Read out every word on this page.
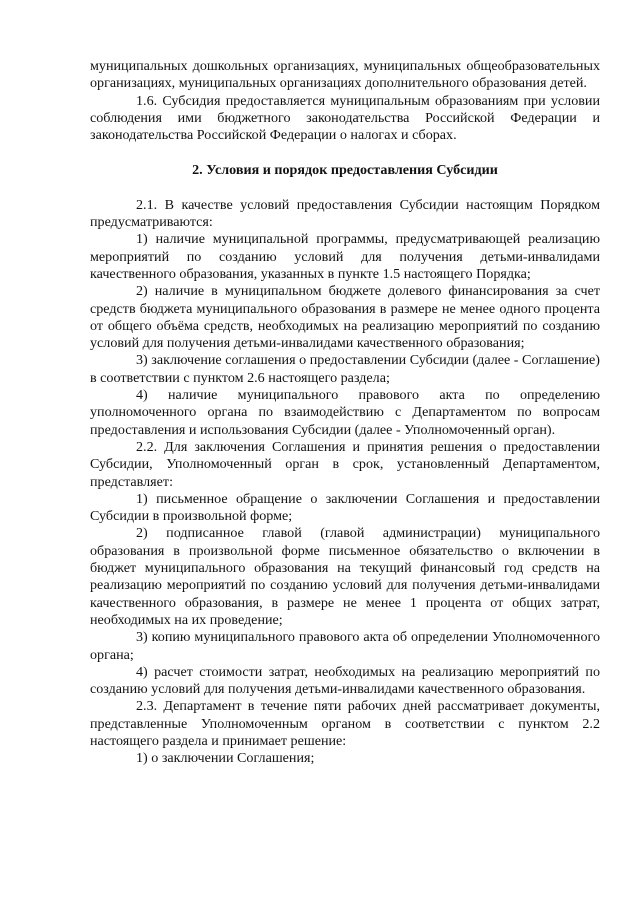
муниципальных дошкольных организациях, муниципальных общеобразовательных организациях, муниципальных организациях дополнительного образования детей.

1.6. Субсидия предоставляется муниципальным образованиям при условии соблюдения ими бюджетного законодательства Российской Федерации и законодательства Российской Федерации о налогах и сборах.

2. Условия и порядок предоставления Субсидии

2.1. В качестве условий предоставления Субсидии настоящим Порядком предусматриваются:

1) наличие муниципальной программы, предусматривающей реализацию мероприятий по созданию условий для получения детьми-инвалидами качественного образования, указанных в пункте 1.5 настоящего Порядка;

2) наличие в муниципальном бюджете долевого финансирования за счет средств бюджета муниципального образования в размере не менее одного процента от общего объёма средств, необходимых на реализацию мероприятий по созданию условий для получения детьми-инвалидами качественного образования;

3) заключение соглашения о предоставлении Субсидии (далее - Соглашение) в соответствии с пунктом 2.6 настоящего раздела;

4) наличие муниципального правового акта по определению уполномоченного органа по взаимодействию с Департаментом по вопросам предоставления и использования Субсидии (далее - Уполномоченный орган).

2.2. Для заключения Соглашения и принятия решения о предоставлении Субсидии, Уполномоченный орган в срок, установленный Департаментом, представляет:

1) письменное обращение о заключении Соглашения и предоставлении Субсидии в произвольной форме;

2) подписанное главой (главой администрации) муниципального образования в произвольной форме письменное обязательство о включении в бюджет муниципального образования на текущий финансовый год средств на реализацию мероприятий по созданию условий для получения детьми-инвалидами качественного образования, в размере не менее 1 процента от общих затрат, необходимых на их проведение;

3) копию муниципального правового акта об определении Уполномоченного органа;

4) расчет стоимости затрат, необходимых на реализацию мероприятий по созданию условий для получения детьми-инвалидами качественного образования.

2.3. Департамент в течение пяти рабочих дней рассматривает документы, представленные Уполномоченным органом в соответствии с пунктом 2.2 настоящего раздела и принимает решение:

1) о заключении Соглашения;
